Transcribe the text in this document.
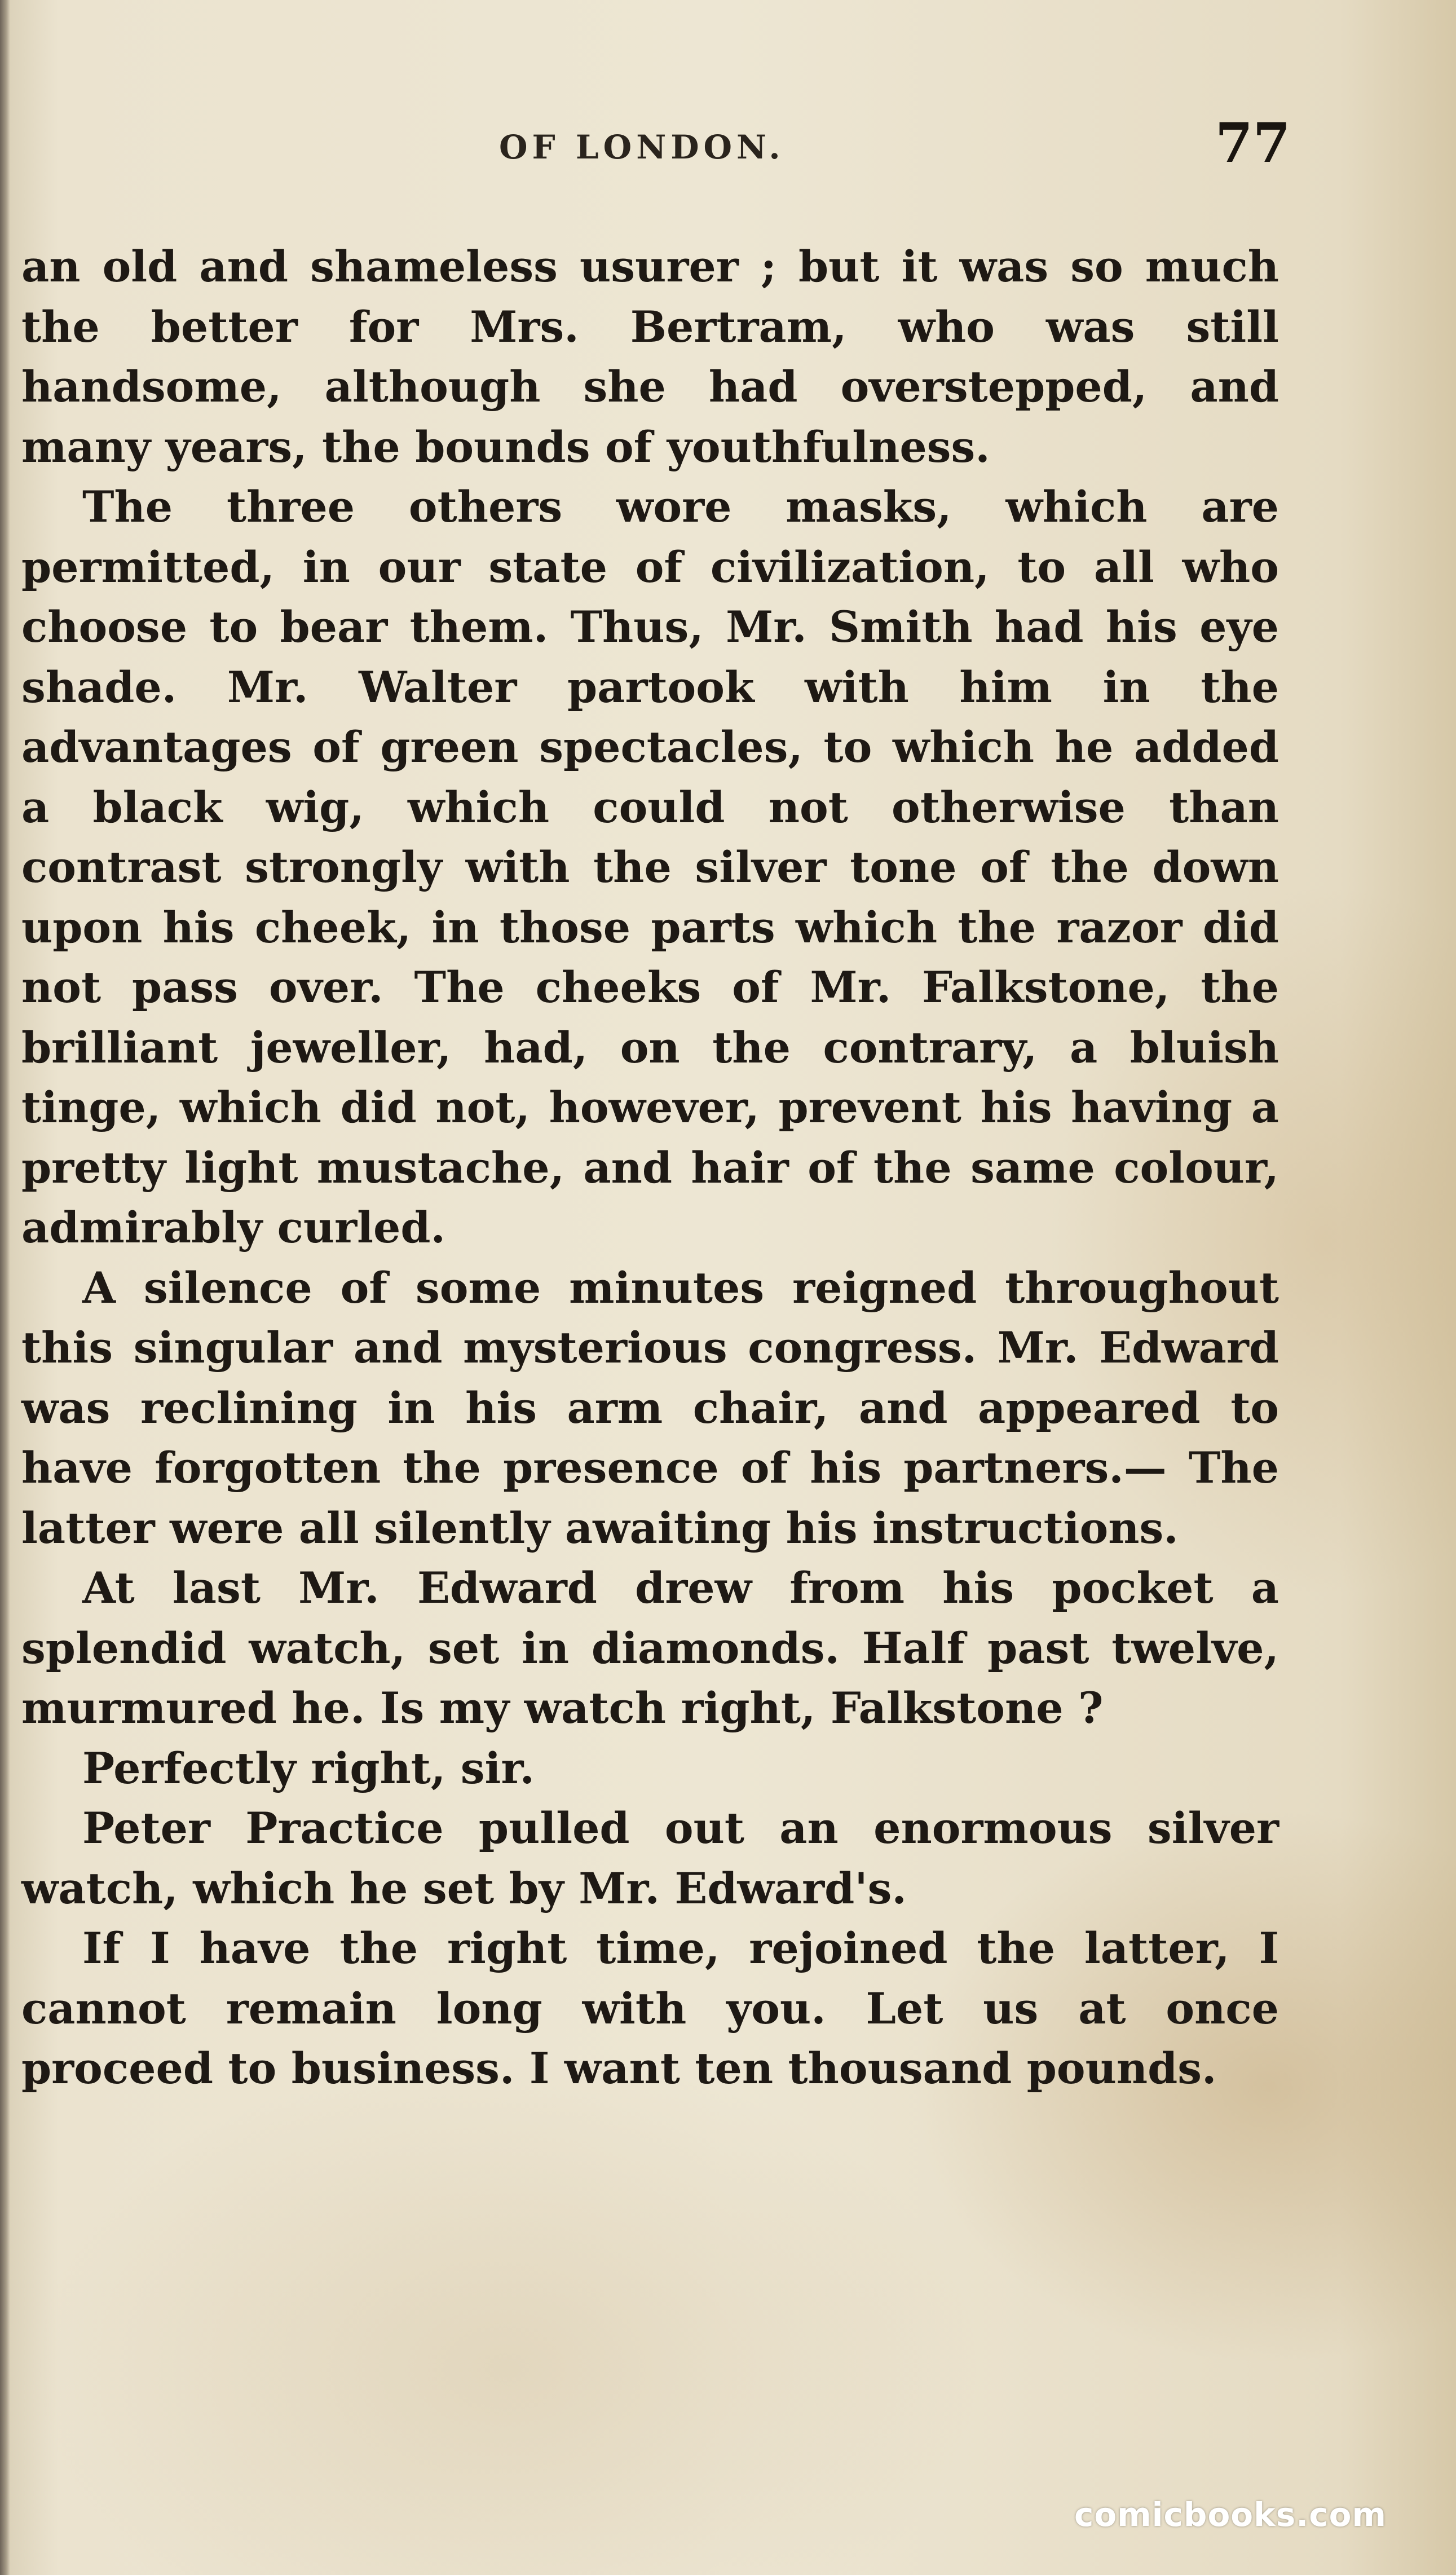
OF LONDON.	77

an old and shameless usurer ; but it was so much the better for Mrs. Bertram, who was still handsome, although she had overstepped, and many years, the bounds of youthfulness.

The three others wore masks, which are permitted, in our state of civilization, to all who choose to bear them. Thus, Mr. Smith had his eye shade. Mr. Walter partook with him in the advantages of green spectacles, to which he added a black wig, which could not otherwise than contrast strongly with the silver tone of the down upon his cheek, in those parts which the razor did not pass over. The cheeks of Mr. Falkstone, the brilliant jeweller, had, on the contrary, a bluish tinge, which did not, however, prevent his having a pretty light mustache, and hair of the same colour, admirably curled.

A silence of some minutes reigned throughout this singular and mysterious congress. Mr. Edward was reclining in his arm chair, and appeared to have forgotten the presence of his partners.— The latter were all silently awaiting his instructions.

At last Mr. Edward drew from his pocket a splendid watch, set in diamonds. Half past twelve, murmured he. Is my watch right, Falkstone ?

Perfectly right, sir.

Peter Practice pulled out an enormous silver watch, which he set by Mr. Edward's.

If I have the right time, rejoined the latter, I cannot remain long with you. Let us at once proceed to business. I want ten thousand pounds.

comicbooks.com
